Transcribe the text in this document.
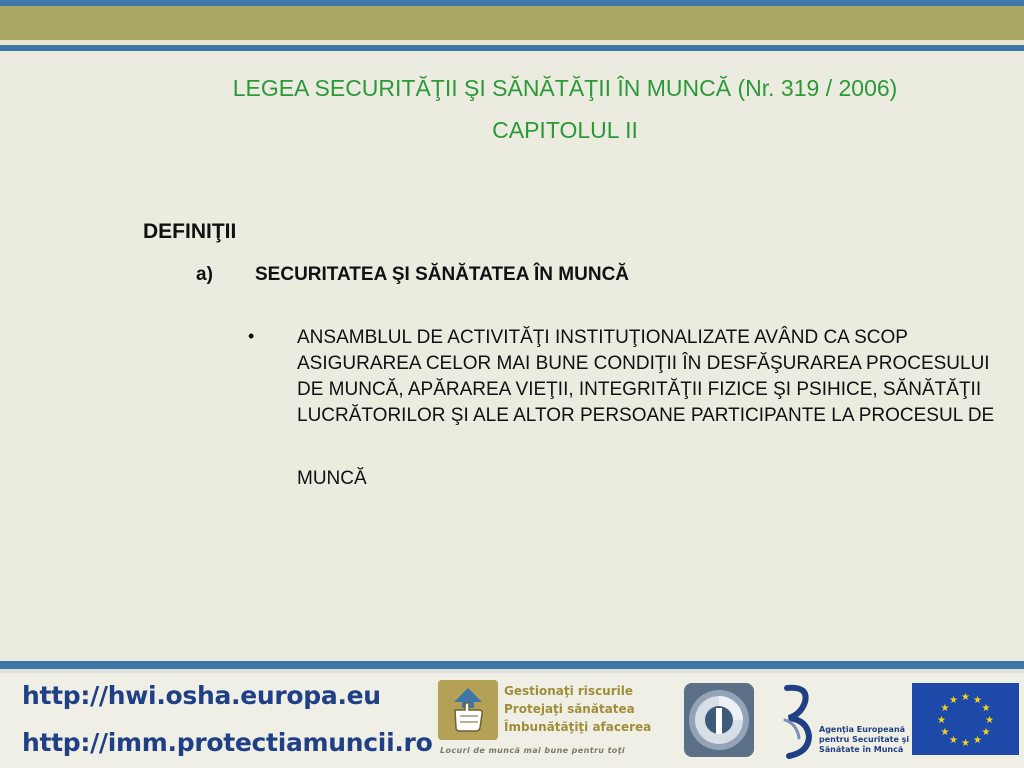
LEGEA SECURITĂŢII ŞI SĂNĂTĂŢII ÎN MUNCĂ (Nr. 319 / 2006)
CAPITOLUL II
DEFINIŢII
a) SECURITATEA ŞI SĂNĂTATEA ÎN MUNCĂ
• ANSAMBLUL DE ACTIVITĂŢI INSTITUŢIONALIZATE AVÂND CA SCOP ASIGURAREA CELOR MAI BUNE CONDIŢII ÎN DESFĂŞURAREA PROCESULUI DE MUNCĂ, APĂRAREA VIEŢII, INTEGRITĂŢII FIZICE ŞI PSIHICE, SĂNĂTĂŢII LUCRĂTORILOR ŞI ALE ALTOR PERSOANE PARTICIPANTE LA PROCESUL DE
MUNCĂ
http://hwi.osha.europa.eu
http://imm.protectiamuncii.ro
Gestionaţi riscurile
Protejaţi sănătatea
Îmbunătăţiţi afacerea
Locuri de muncă mai bune pentru toţi
Agenţia Europeană
pentru Securitate şi
Sănătate în Muncă
★ ★
★
★
★
★
★
★
★
★
★
★
